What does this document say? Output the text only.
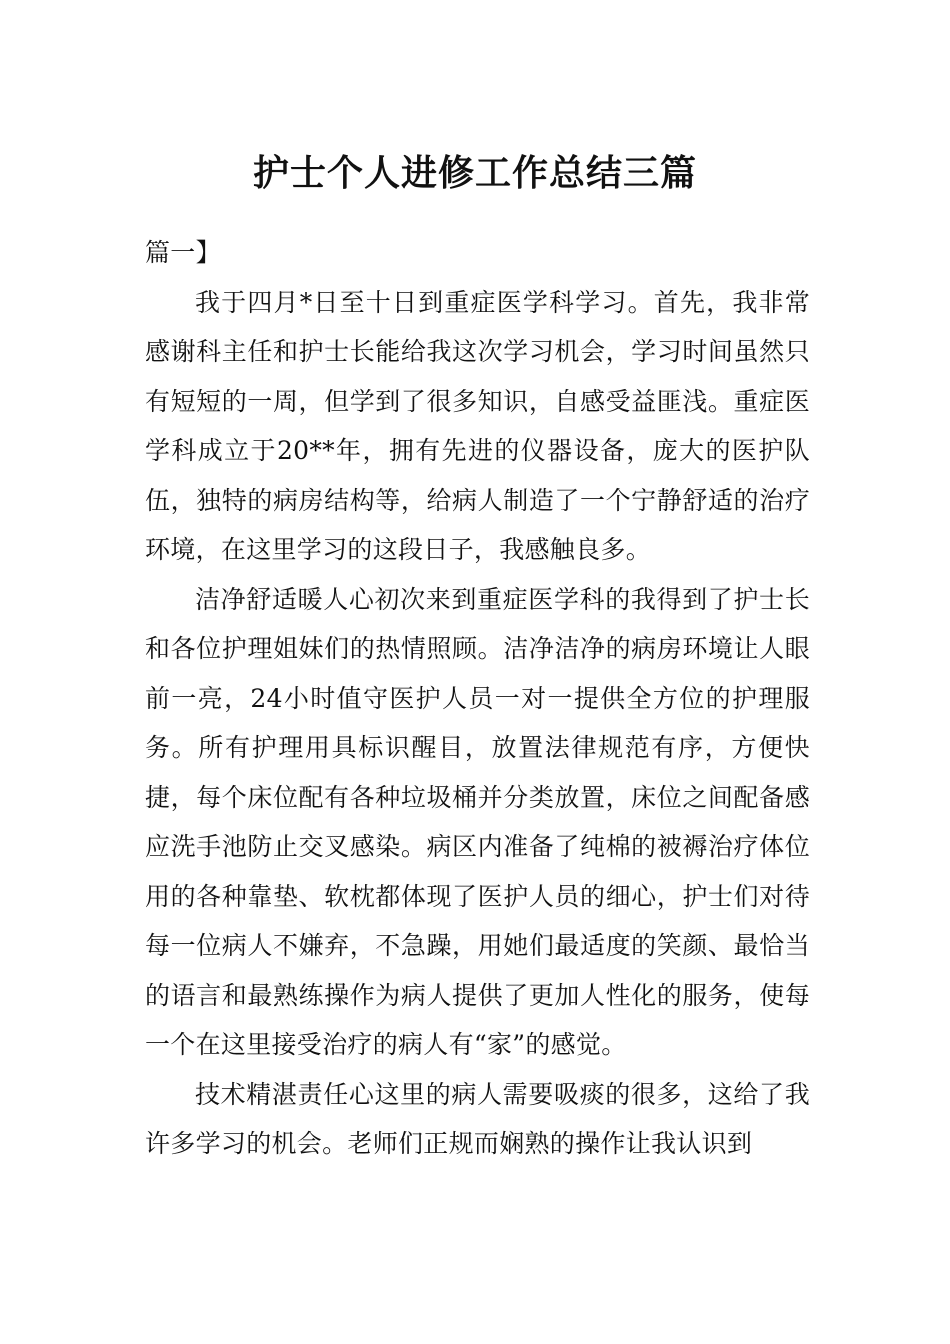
护士个人进修工作总结三篇

篇一】

我于四月*日至十日到重症医学科学习。首先，我非常感谢科主任和护士长能给我这次学习机会，学习时间虽然只有短短的一周，但学到了很多知识，自感受益匪浅。重症医学科成立于20**年，拥有先进的仪器设备，庞大的医护队伍，独特的病房结构等，给病人制造了一个宁静舒适的治疗环境，在这里学习的这段日子，我感触良多。

洁净舒适暖人心初次来到重症医学科的我得到了护士长和各位护理姐妹们的热情照顾。洁净洁净的病房环境让人眼前一亮，24小时值守医护人员一对一提供全方位的护理服务。所有护理用具标识醒目，放置法律规范有序，方便快捷，每个床位配有各种垃圾桶并分类放置，床位之间配备感应洗手池防止交叉感染。病区内准备了纯棉的被褥治疗体位用的各种靠垫、软枕都体现了医护人员的细心，护士们对待每一位病人不嫌弃，不急躁，用她们最适度的笑颜、最恰当的语言和最熟练操作为病人提供了更加人性化的服务，使每一个在这里接受治疗的病人有“家”的感觉。

技术精湛责任心这里的病人需要吸痰的很多，这给了我许多学习的机会。老师们正规而娴熟的操作让我认识到
